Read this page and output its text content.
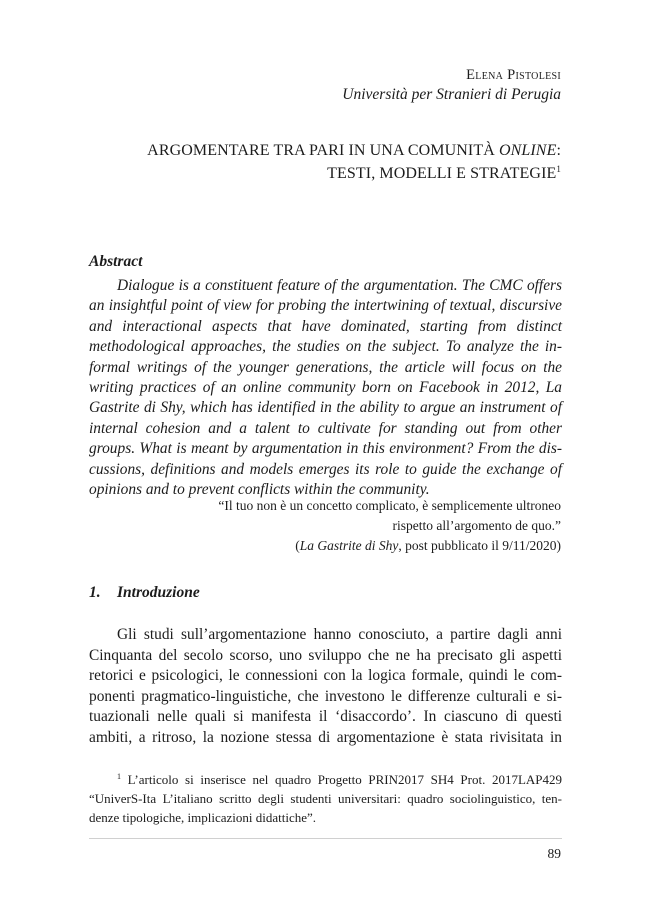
Elena Pistolesi
Università per Stranieri di Perugia
ARGOMENTARE TRA PARI IN UNA COMUNITÀ ONLINE:
TESTI, MODELLI E STRATEGIE$^1$
Abstract
Dialogue is a constituent feature of the argumentation. The CMC offers
an insightful point of view for probing the intertwining of textual, discursive
and interactional aspects that have dominated, starting from distinct
methodological approaches, the studies on the subject. To analyze the in-
formal writings of the younger generations, the article will focus on the
writing practices of an online community born on Facebook in 2012, La
Gastrite di Shy, which has identified in the ability to argue an instrument of
internal cohesion and a talent to cultivate for standing out from other
groups. What is meant by argumentation in this environment? From the dis-
cussions, definitions and models emerges its role to guide the exchange of
opinions and to prevent conflicts within the community.
“Il tuo non è un concetto complicato, è semplicemente ultroneo
rispetto all’argomento de quo.”
(La Gastrite di Shy, post pubblicato il 9/11/2020)
1. Introduzione
Gli studi sull’argomentazione hanno conosciuto, a partire dagli anni
Cinquanta del secolo scorso, uno sviluppo che ne ha precisato gli aspetti
retorici e psicologici, le connessioni con la logica formale, quindi le com-
ponenti pragmatico-linguistiche, che investono le differenze culturali e si-
tuazionali nelle quali si manifesta il ‘disaccordo’. In ciascuno di questi
ambiti, a ritroso, la nozione stessa di argomentazione è stata rivisitata in
$^1$ L’articolo si inserisce nel quadro Progetto PRIN2017 SH4 Prot. 2017LAP429
“UniverS-Ita L’italiano scritto degli studenti universitari: quadro sociolinguistico, ten-
denze tipologiche, implicazioni didattiche”.
89
